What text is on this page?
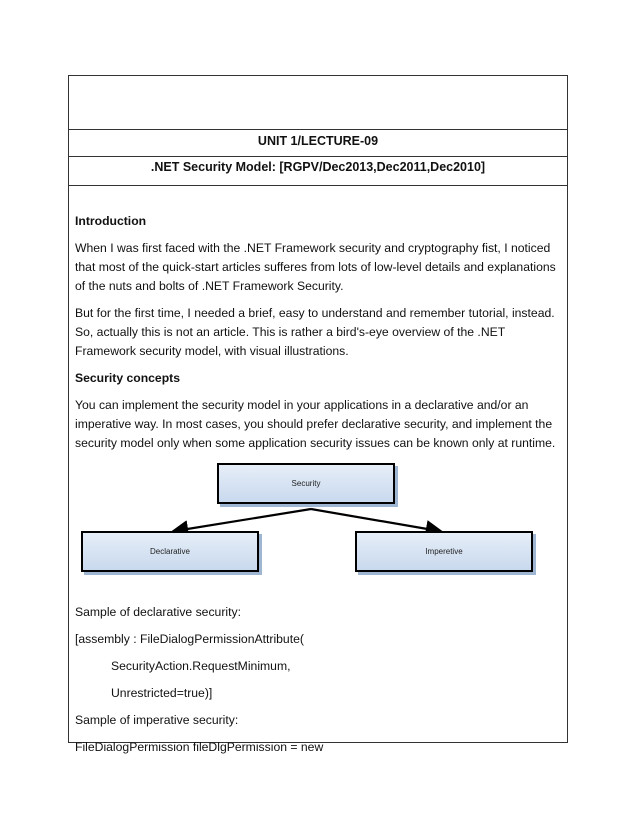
UNIT 1/LECTURE-09
.NET Security Model: [RGPV/Dec2013,Dec2011,Dec2010]

Introduction

When I was first faced with the .NET Framework security and cryptography fist, I noticed that most of the quick-start articles sufferes from lots of low-level details and explanations of the nuts and bolts of .NET Framework Security.

But for the first time, I needed a brief, easy to understand and remember tutorial, instead. So, actually this is not an article. This is rather a bird's-eye overview of the .NET Framework security model, with visual illustrations.

Security concepts

You can implement the security model in your applications in a declarative and/or an imperative way. In most cases, you should prefer declarative security, and implement the security model only when some application security issues can be known only at runtime.

Security
Declarative	Imperetive

Sample of declarative security:

[assembly : FileDialogPermissionAttribute(

SecurityAction.RequestMinimum,

Unrestricted=true)]

Sample of imperative security:

FileDialogPermission fileDlgPermission = new
